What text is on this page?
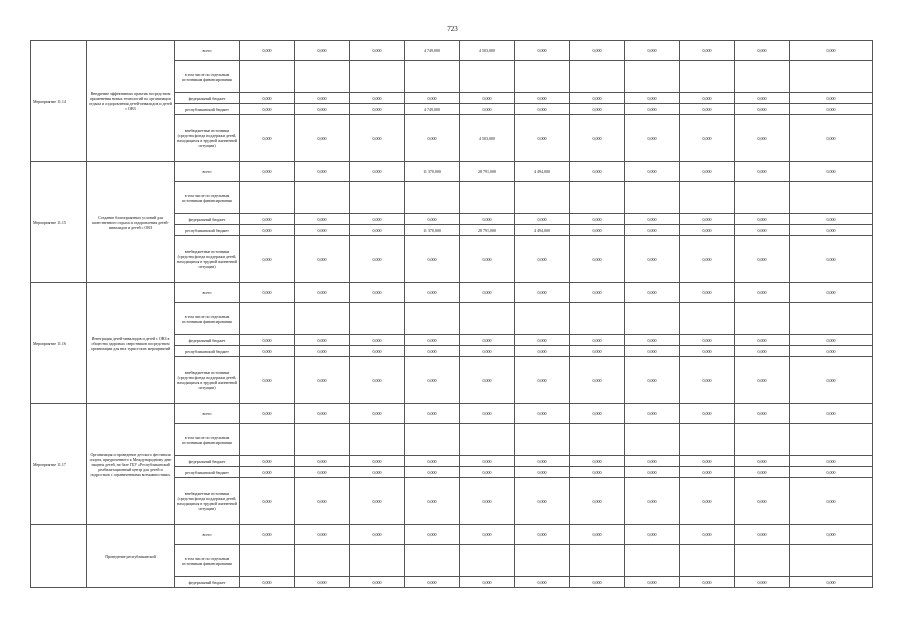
723
Мероприятие 11.14	Внедрение эффективных практик посредством применения новых технологий по организации отдыха и оздоровления детей-инвалидов и детей с ОВЗ	всего	0,000	0,000	0,000	4 749,000	4 503,000	0,000	0,000	0,000	0,000	0,000	0,000
		в том числе по отдельным источникам финансирования											
		федеральный бюджет	0,000	0,000	0,000	0,000	0,000	0,000	0,000	0,000	0,000	0,000	0,000
		республиканский бюджет	0,000	0,000	0,000	4 749,000	0,000	0,000	0,000	0,000	0,000	0,000	0,000
		внебюджетные источники (средства фонда поддержки детей, находящихся в трудной жизненной ситуации)	0,000	0,000	0,000	0,000	4 503,000	0,000	0,000	0,000	0,000	0,000	0,000
Мероприятие 11.15	Создание благоприятных условий для качественного отдыха и оздоровления детей-инвалидов и детей с ОВЗ	всего	0,000	0,000	0,000	11 370,000	28 791,000	4 494,000	0,000	0,000	0,000	0,000	0,000
		в том числе по отдельным источникам финансирования											
		федеральный бюджет	0,000	0,000	0,000	0,000	0,000	0,000	0,000	0,000	0,000	0,000	0,000
		республиканский бюджет	0,000	0,000	0,000	11 370,000	28 791,000	4 494,000	0,000	0,000	0,000	0,000	0,000
		внебюджетные источники (средства фонда поддержки детей, находящихся в трудной жизненной ситуации)	0,000	0,000	0,000	0,000	0,000	0,000	0,000	0,000	0,000	0,000	0,000
Мероприятие 11.16	Интеграция детей-инвалидов и детей с ОВЗ в общество здоровых сверстников посредством организации для них туристских мероприятий	всего	0,000	0,000	0,000	0,000	0,000	0,000	0,000	0,000	0,000	0,000	0,000
		в том числе по отдельным источникам финансирования											
		федеральный бюджет	0,000	0,000	0,000	0,000	0,000	0,000	0,000	0,000	0,000	0,000	0,000
		республиканский бюджет	0,000	0,000	0,000	0,000	0,000	0,000	0,000	0,000	0,000	0,000	0,000
		внебюджетные источники (средства фонда поддержки детей, находящихся в трудной жизненной ситуации)	0,000	0,000	0,000	0,000	0,000	0,000	0,000	0,000	0,000	0,000	0,000
Мероприятие 11.17	Организация и проведение детского фестиваля спорта, приуроченного к Международному дню защиты детей, на базе ГБУ «Республиканский реабилитационный центр для детей и подростков с ограниченными возможностями»	всего	0,000	0,000	0,000	0,000	0,000	0,000	0,000	0,000	0,000	0,000	0,000
		в том числе по отдельным источникам финансирования											
		федеральный бюджет	0,000	0,000	0,000	0,000	0,000	0,000	0,000	0,000	0,000	0,000	0,000
		республиканский бюджет	0,000	0,000	0,000	0,000	0,000	0,000	0,000	0,000	0,000	0,000	0,000
		внебюджетные источники (средства фонда поддержки детей, находящихся в трудной жизненной ситуации)	0,000	0,000	0,000	0,000	0,000	0,000	0,000	0,000	0,000	0,000	0,000
	Проведение республиканской	всего	0,000	0,000	0,000	0,000	0,000	0,000	0,000	0,000	0,000	0,000	0,000
		в том числе по отдельным источникам финансирования											
		федеральный бюджет	0,000	0,000	0,000	0,000	0,000	0,000	0,000	0,000	0,000	0,000	0,000
